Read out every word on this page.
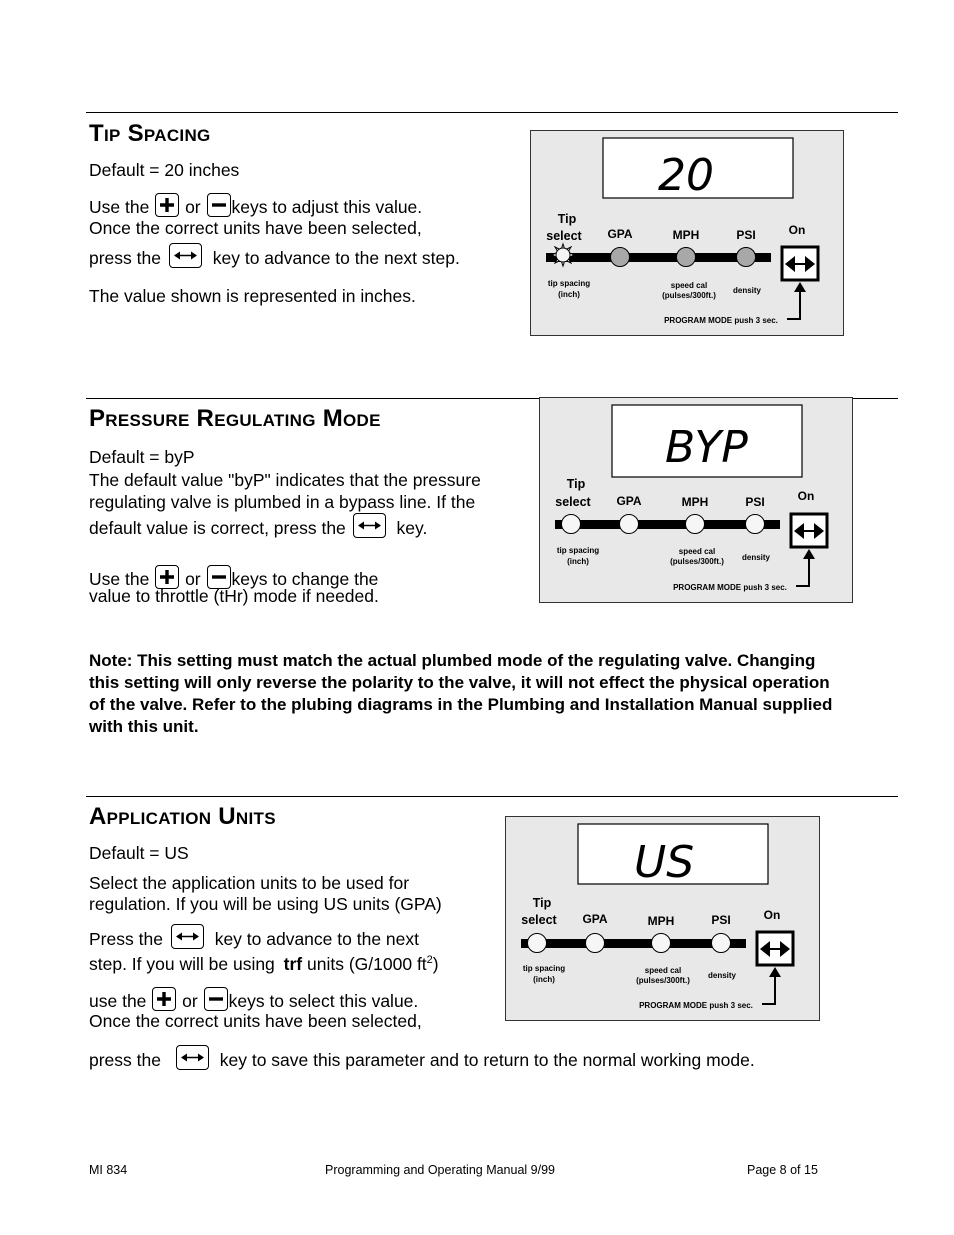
Tip Spacing
Default = 20 inches
Use the or keys to adjust this value.
Once the correct units have been selected,
press the	key to advance to the next step.
The value shown is represented in inches.
20
Tip
select GPA	MPH	PSI	On
tip spacing
(inch)
speed cal
(pulses/300ft.)
density
PROGRAM MODE push 3 sec.
Pressure Regulating Mode
Default = byP
The default value "byP" indicates that the pressure
regulating valve is plumbed in a bypass line. If the
default value is correct, press the	key.
Use the or keys to change the
value to throttle (tHr) mode if needed.
BYP
Tip
select GPA	MPH	PSI	On
tip spacing
(inch)
speed cal
(pulses/300ft.) density
PROGRAM MODE push 3 sec.

Note: This setting must match the actual plumbed mode of the regulating valve. Changing this setting will only reverse the polarity to the valve, it will not effect the physical operation of the valve. Refer to the plubing diagrams in the Plumbing and Installation Manual supplied with this unit.

Application Units
Default = US
Select the application units to be used for
regulation. If you will be using US units (GPA)
Press the	key to advance to the next
step. If you will be using trf units (G/1000 $ft^2$)
use the or keys to select this value.
Once the correct units have been selected,
press the	key to save this parameter and to return to the normal working mode.
US
Tip
select GPA	MPH	PSI	On
tip spacing
(inch)
speed cal
(pulses/300ft.)
density
PROGRAM MODE push 3 sec.
MI 834	Programming and Operating Manual 9/99	Page 8 of 15
